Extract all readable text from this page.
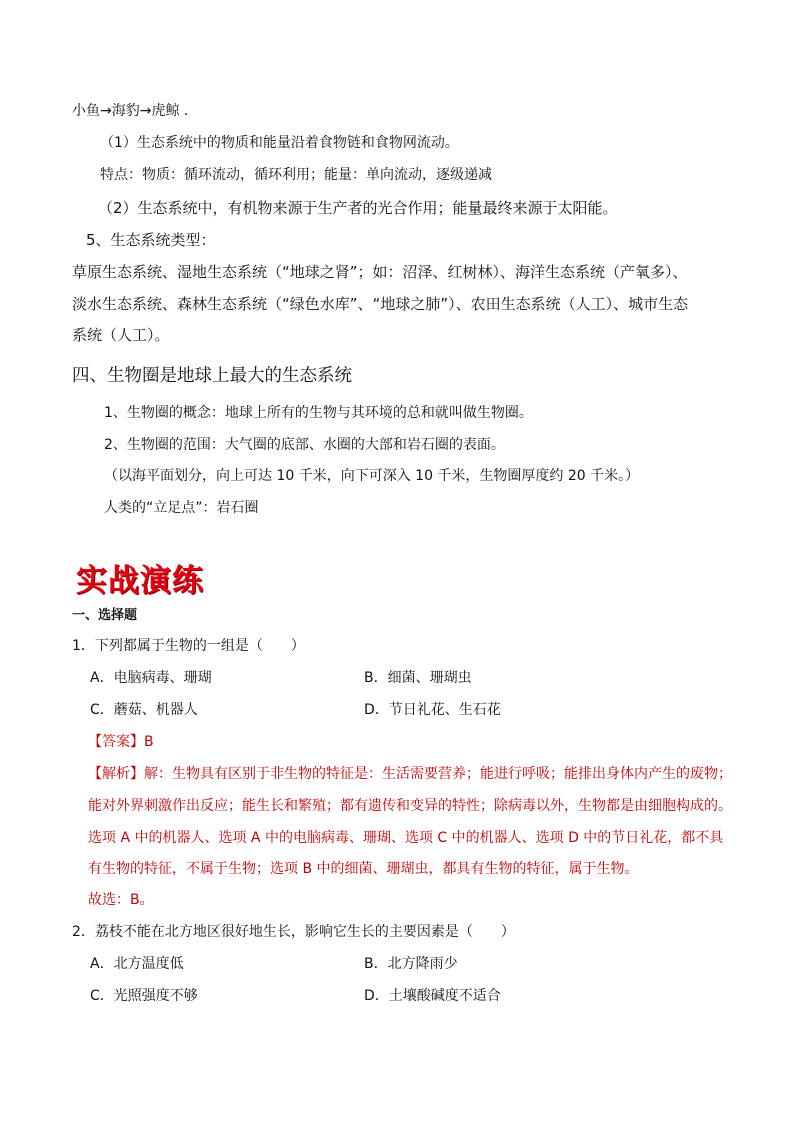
小鱼→海豹→虎鲸 .
（1）生态系统中的物质和能量沿着食物链和食物网流动。
特点：物质：循环流动，循环利用；能量：单向流动，逐级递减
（2）生态系统中，有机物来源于生产者的光合作用；能量最终来源于太阳能。
5、生态系统类型：
草原生态系统、湿地生态系统（“地球之肾”；如：沼泽、红树林）、海洋生态系统（产氧多）、
淡水生态系统、森林生态系统（“绿色水库”、“地球之肺”）、农田生态系统（人工）、城市生态
系统（人工）。
四、生物圈是地球上最大的生态系统
1、生物圈的概念：地球上所有的生物与其环境的总和就叫做生物圈。
2、生物圈的范围：大气圈的底部、水圈的大部和岩石圈的表面。
（以海平面划分，向上可达 10 千米，向下可深入 10 千米，生物圈厚度约 20 千米。）
人类的“立足点”：岩石圈
实战演练
一、选择题
1．下列都属于生物的一组是（　　）
A．电脑病毒、珊瑚	B．细菌、珊瑚虫
C．蘑菇、机器人	D．节日礼花、生石花
【答案】B
【解析】解：生物具有区别于非生物的特征是：生活需要营养；能进行呼吸；能排出身体内产生的废物；
能对外界刺激作出反应；能生长和繁殖；都有遗传和变异的特性；除病毒以外，生物都是由细胞构成的。
选项 A 中的机器人、选项 A 中的电脑病毒、珊瑚、选项 C 中的机器人、选项 D 中的节日礼花，都不具
有生物的特征，不属于生物；选项 B 中的细菌、珊瑚虫，都具有生物的特征，属于生物。
故选：B。
2．荔枝不能在北方地区很好地生长，影响它生长的主要因素是（　　）
A．北方温度低	B．北方降雨少
C．光照强度不够	D．土壤酸碱度不适合
